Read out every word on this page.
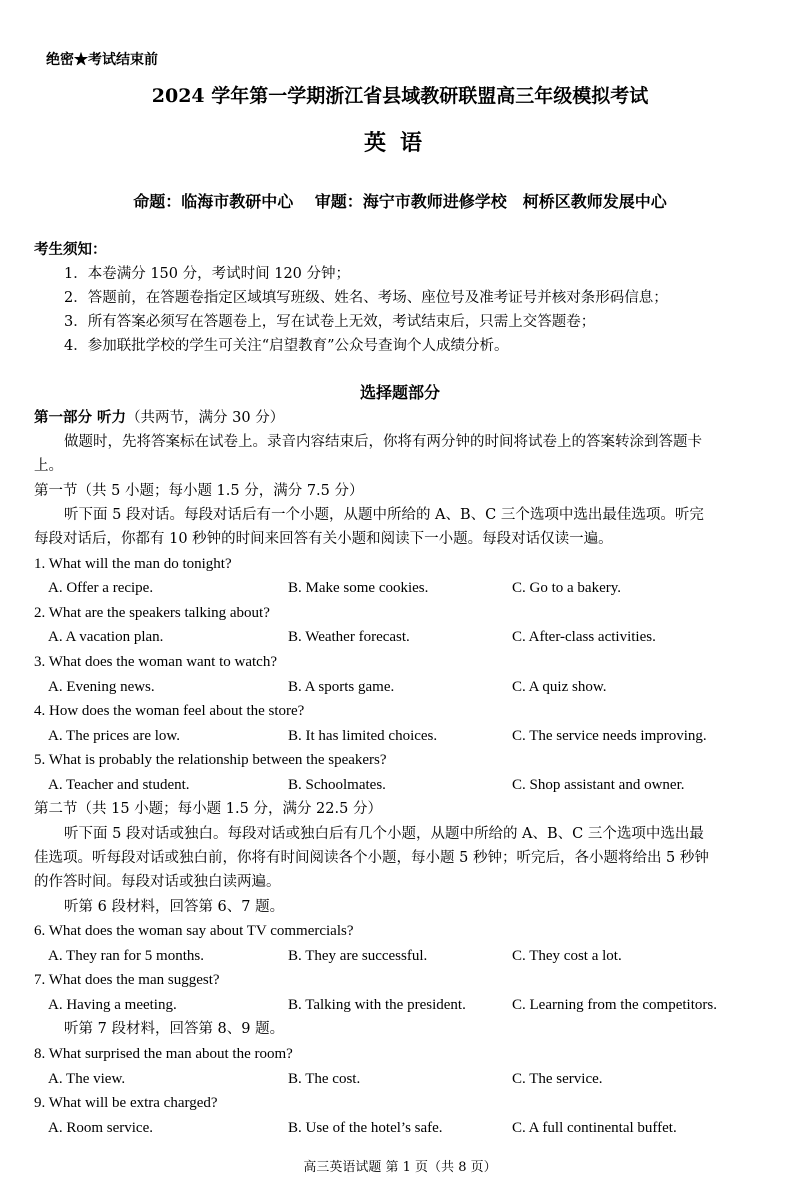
绝密★考试结束前
2024 学年第一学期浙江省县域教研联盟高三年级模拟考试
英语
命题：临海市教研中心　 审题：海宁市教师进修学校　柯桥区教师发展中心
考生须知：
1．本卷满分 150 分，考试时间 120 分钟；
2．答题前，在答题卷指定区域填写班级、姓名、考场、座位号及准考证号并核对条形码信息；
3．所有答案必须写在答题卷上，写在试卷上无效，考试结束后，只需上交答题卷；
4．参加联批学校的学生可关注“启望教育”公众号查询个人成绩分析。
选择题部分
第一部分 听力（共两节，满分 30 分）
做题时，先将答案标在试卷上。录音内容结束后，你将有两分钟的时间将试卷上的答案转涂到答题卡
上。
第一节（共 5 小题；每小题 1.5 分，满分 7.5 分）
听下面 5 段对话。每段对话后有一个小题，从题中所给的 A、B、C 三个选项中选出最佳选项。听完
每段对话后，你都有 10 秒钟的时间来回答有关小题和阅读下一小题。每段对话仅读一遍。
1. What will the man do tonight?
A. Offer a recipe.	B. Make some cookies.	C. Go to a bakery.
2. What are the speakers talking about?
A. A vacation plan.	B. Weather forecast.	C. After-class activities.
3. What does the woman want to watch?
A. Evening news.	B. A sports game.	C. A quiz show.
4. How does the woman feel about the store?
A. The prices are low.	B. It has limited choices.	C. The service needs improving.
5. What is probably the relationship between the speakers?
A. Teacher and student.	B. Schoolmates.	C. Shop assistant and owner.
第二节（共 15 小题；每小题 1.5 分，满分 22.5 分）
听下面 5 段对话或独白。每段对话或独白后有几个小题，从题中所给的 A、B、C 三个选项中选出最
佳选项。听每段对话或独白前，你将有时间阅读各个小题，每小题 5 秒钟；听完后，各小题将给出 5 秒钟
的作答时间。每段对话或独白读两遍。
听第 6 段材料，回答第 6、7 题。
6. What does the woman say about TV commercials?
A. They ran for 5 months.	B. They are successful.	C. They cost a lot.
7. What does the man suggest?
A. Having a meeting.	B. Talking with the president.	C. Learning from the competitors.
听第 7 段材料，回答第 8、9 题。
8. What surprised the man about the room?
A. The view.	B. The cost.	C. The service.
9. What will be extra charged?
A. Room service.	B. Use of the hotel’s safe.	C. A full continental buffet.
高三英语试题 第 1 页（共 8 页）
